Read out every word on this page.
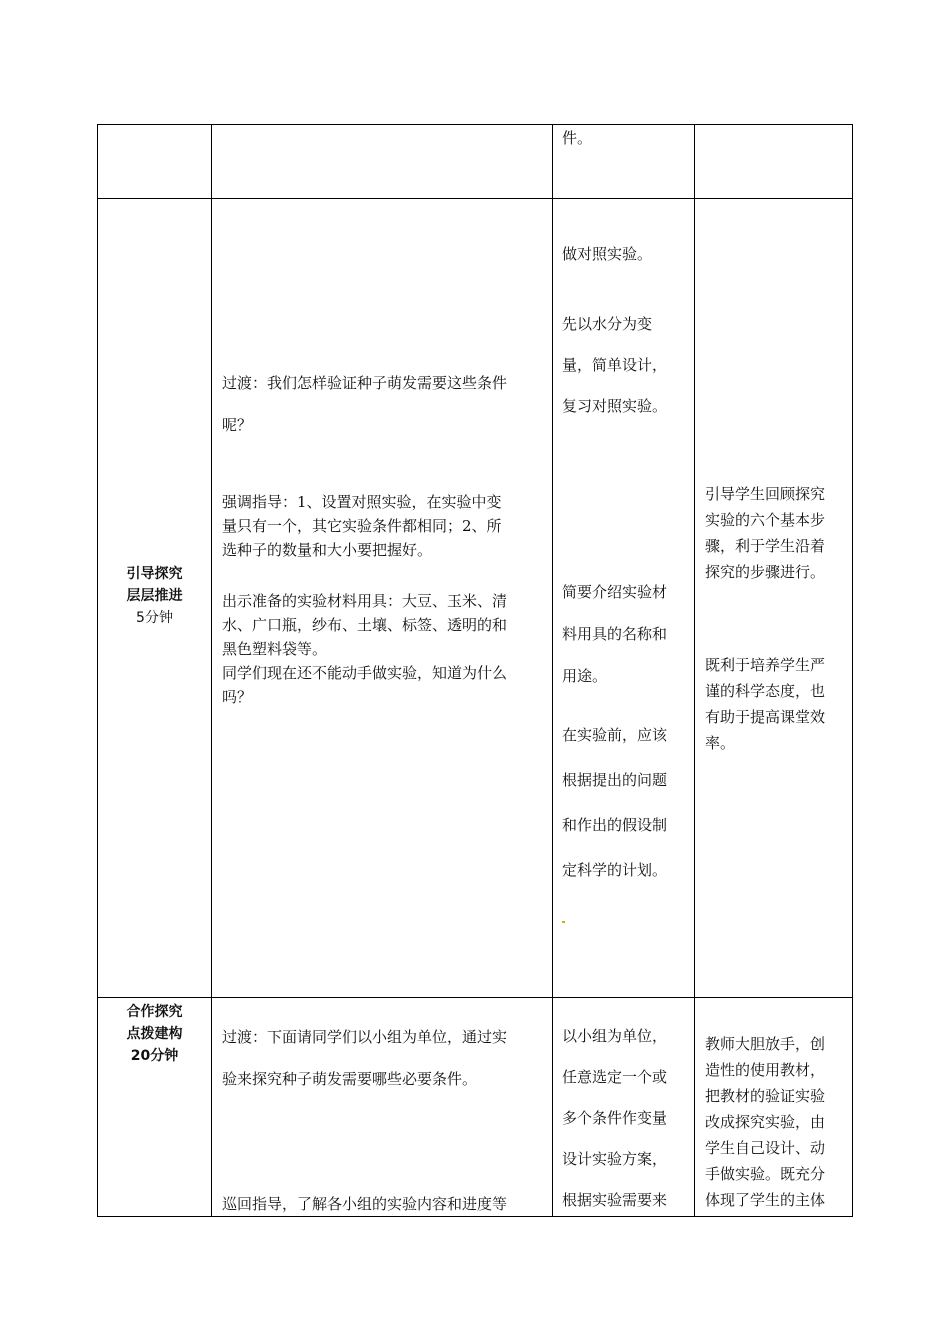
件。
引导探究
层层推进
5分钟
过渡：我们怎样验证种子萌发需要这些条件
呢？
强调指导：1、设置对照实验，在实验中变
量只有一个，其它实验条件都相同；2、所
选种子的数量和大小要把握好。
出示准备的实验材料用具：大豆、玉米、清
水、广口瓶，纱布、土壤、标签、透明的和
黑色塑料袋等。
同学们现在还不能动手做实验，知道为什么
吗？
做对照实验。
先以水分为变
量，简单设计，
复习对照实验。
简要介绍实验材
料用具的名称和
用途。
在实验前，应该
根据提出的问题
和作出的假设制
定科学的计划。
引导学生回顾探究
实验的六个基本步
骤，利于学生沿着
探究的步骤进行。
既利于培养学生严
谨的科学态度，也
有助于提高课堂效
率。
合作探究
点拨建构
20分钟
过渡：下面请同学们以小组为单位，通过实
验来探究种子萌发需要哪些必要条件。
巡回指导，了解各小组的实验内容和进度等
以小组为单位，
任意选定一个或
多个条件作变量
设计实验方案，
根据实验需要来
教师大胆放手，创
造性的使用教材，
把教材的验证实验
改成探究实验，由
学生自己设计、动
手做实验。既充分
体现了学生的主体
